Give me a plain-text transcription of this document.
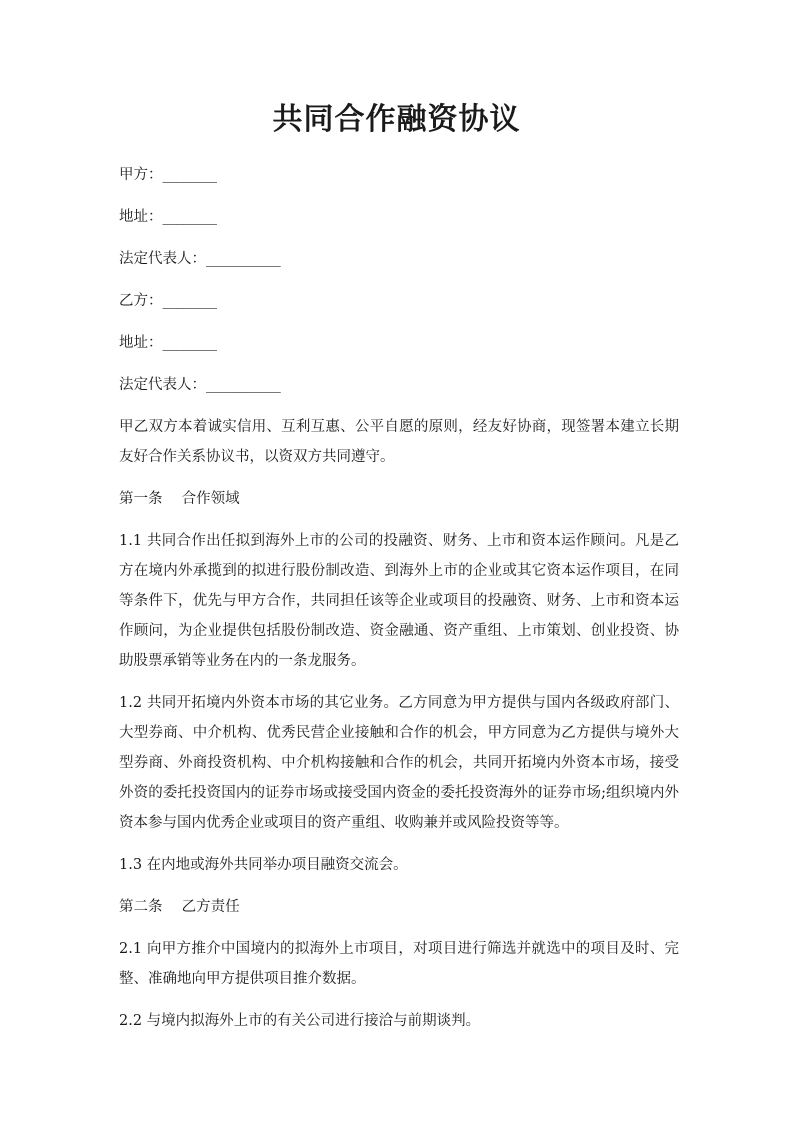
共同合作融资协议

甲方：________

地址：________

法定代表人：___________

乙方：________

地址：________

法定代表人：___________

甲乙双方本着诚实信用、互利互惠、公平自愿的原则，经友好协商，现签署本建立长期友好合作关系协议书，以资双方共同遵守。

第一条　 合作领域

1.1 共同合作出任拟到海外上市的公司的投融资、财务、上市和资本运作顾问。凡是乙方在境内外承揽到的拟进行股份制改造、到海外上市的企业或其它资本运作项目，在同等条件下，优先与甲方合作，共同担任该等企业或项目的投融资、财务、上市和资本运作顾问，为企业提供包括股份制改造、资金融通、资产重组、上市策划、创业投资、协助股票承销等业务在内的一条龙服务。

1.2 共同开拓境内外资本市场的其它业务。乙方同意为甲方提供与国内各级政府部门、大型券商、中介机构、优秀民营企业接触和合作的机会，甲方同意为乙方提供与境外大型券商、外商投资机构、中介机构接触和合作的机会，共同开拓境内外资本市场，接受外资的委托投资国内的证券市场或接受国内资金的委托投资海外的证券市场;组织境内外资本参与国内优秀企业或项目的资产重组、收购兼并或风险投资等等。

1.3 在内地或海外共同举办项目融资交流会。

第二条　 乙方责任

2.1 向甲方推介中国境内的拟海外上市项目，对项目进行筛选并就选中的项目及时、完整、准确地向甲方提供项目推介数据。

2.2 与境内拟海外上市的有关公司进行接洽与前期谈判。
